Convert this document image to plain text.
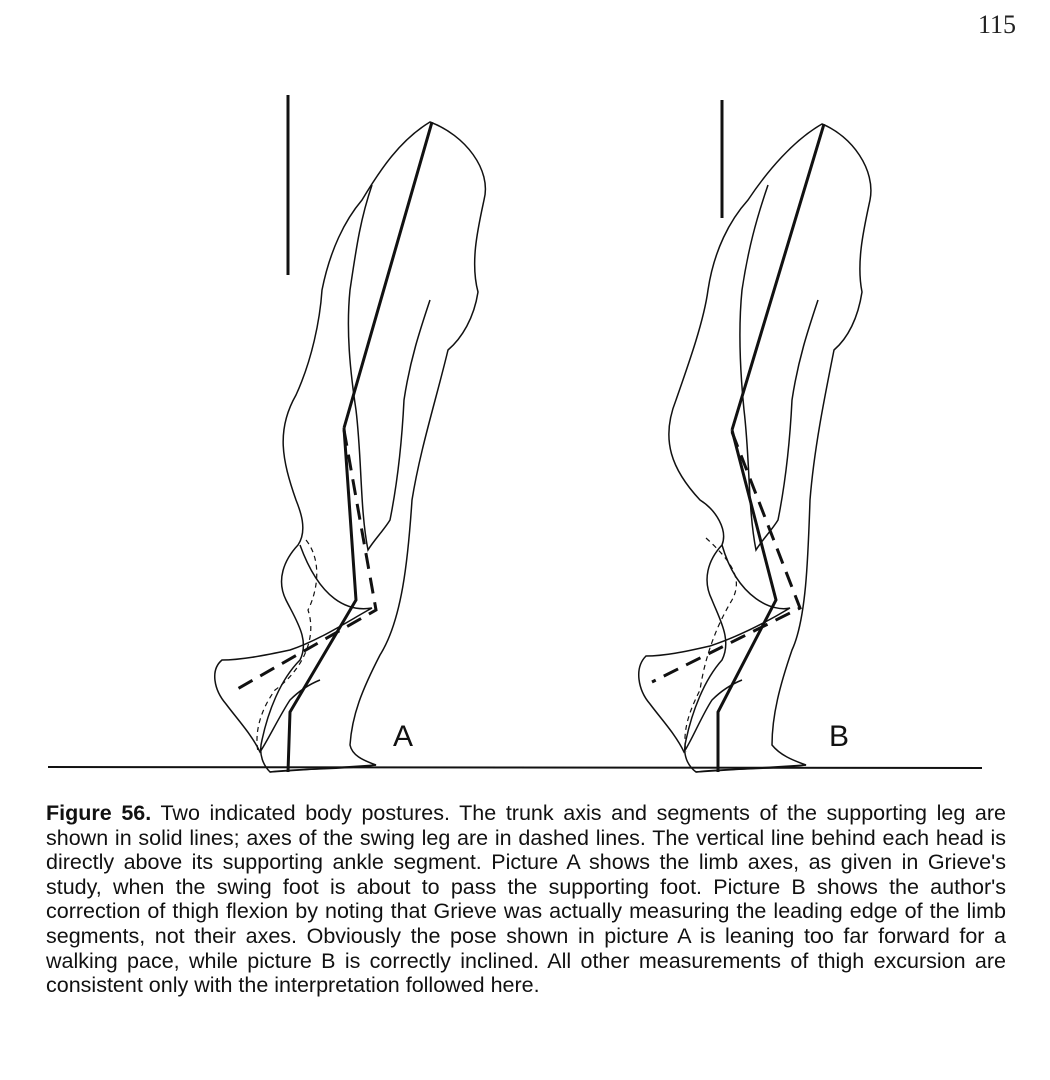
115
A	B
Figure 56. Two indicated body postures. The trunk axis and segments of the supporting leg are shown in solid lines; axes of the swing leg are in dashed lines. The vertical line behind each head is directly above its supporting ankle segment. Picture A shows the limb axes, as given in Grieve's study, when the swing foot is about to pass the supporting foot. Picture B shows the author's correction of thigh flexion by noting that Grieve was actually measuring the leading edge of the limb segments, not their axes. Obviously the pose shown in picture A is leaning too far forward for a walking pace, while picture B is correctly inclined. All other measurements of thigh excursion are consistent only with the interpretation followed here.
